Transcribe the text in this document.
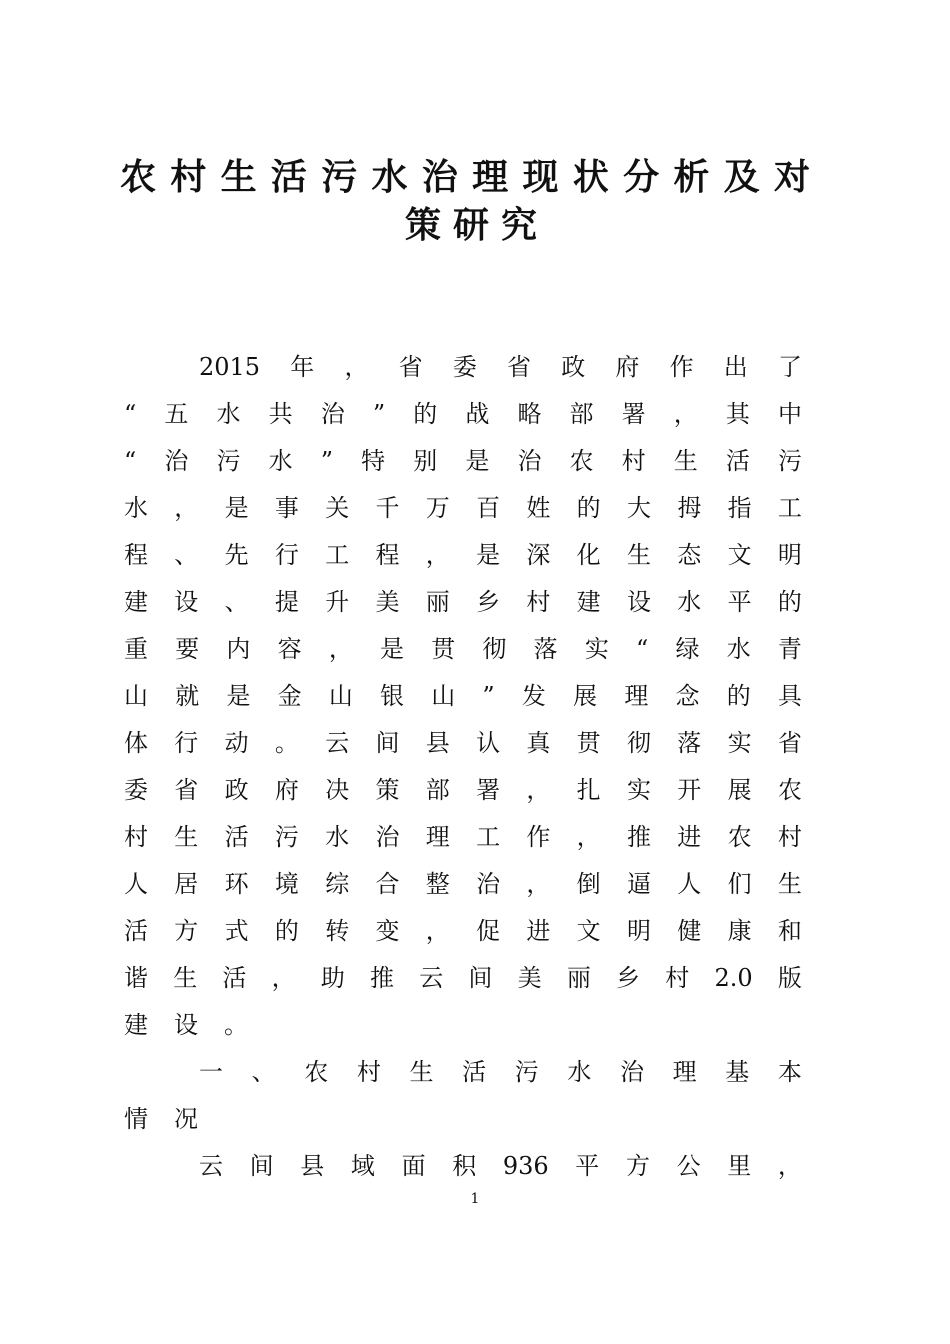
农村生活污水治理现状分析及对
策研究
2015 年 ， 省 委 省 政 府 作 出 了
“ 五 水 共 治 ” 的 战 略 部 署 ， 其 中
“ 治 污 水 ” 特 别 是 治 农 村 生 活 污
水 ， 是 事 关 千 万 百 姓 的 大 拇 指 工
程 、 先 行 工 程 ， 是 深 化 生 态 文 明
建 设 、 提 升 美 丽 乡 村 建 设 水 平 的
重 要 内 容 ， 是 贯 彻 落 实 “ 绿 水 青
山 就 是 金 山 银 山 ” 发 展 理 念 的 具
体 行 动 。 云 间 县 认 真 贯 彻 落 实 省
委 省 政 府 决 策 部 署 ， 扎 实 开 展 农
村 生 活 污 水 治 理 工 作 ， 推 进 农 村
人 居 环 境 综 合 整 治 ， 倒 逼 人 们 生
活 方 式 的 转 变 ， 促 进 文 明 健 康 和
谐 生 活 ， 助 推 云 间 美 丽 乡 村 2.0 版
建 设 。
一 、 农 村 生 活 污 水 治 理 基 本
情 况
云 间 县 域 面 积 936 平 方 公 里 ，
1
